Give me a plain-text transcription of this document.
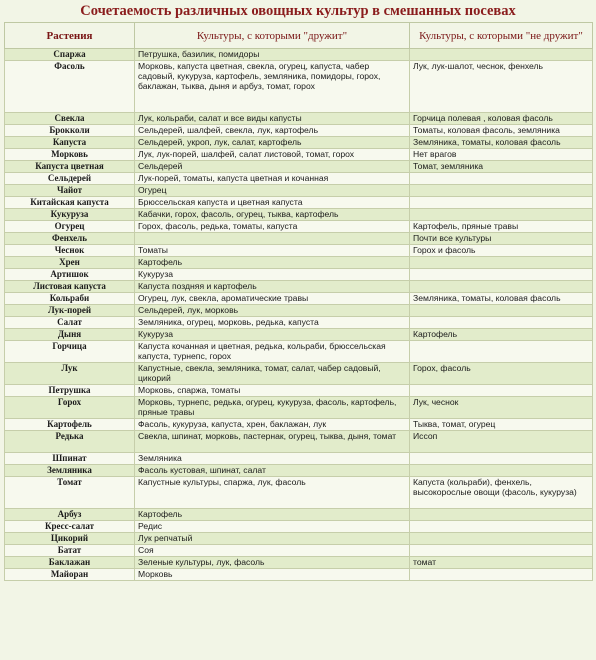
Сочетаемость различных овощных культур в смешанных посевах
Растения	Культуры, с которыми "дружит"	Культуры, с которыми "не дружит"
Спаржа	Петрушка, базилик, помидоры	
Фасоль	Морковь, капуста цветная, свекла, огурец, капуста, чабер садовый, кукуруза, картофель, земляника, помидоры, горох, баклажан, тыква, дыня и арбуз, томат, горох	Лук, лук-шалот, чеснок, фенхель
Свекла	Лук, кольраби, салат и все виды капусты	Горчица полевая , коловая фасоль
Брокколи	Сельдерей, шалфей, свекла, лук, картофель	Томаты, коловая фасоль, земляника
Капуста	Сельдерей, укроп, лук, салат, картофель	Земляника, томаты, коловая фасоль
Морковь	Лук, лук-порей, шалфей, салат листовой, томат, горох	Нет врагов
Капуста цветная	Сельдерей	Томат, земляника
Сельдерей	Лук-порей, томаты, капуста цветная и кочанная	
Чайот	Огурец	
Китайская капуста	Брюссельская капуста и цветная капуста	
Кукуруза	Кабачки, горох, фасоль, огурец, тыква, картофель	
Огурец	Горох, фасоль, редька, томаты, капуста	Картофель, пряные травы
Фенхель		Почти все культуры
Чеснок	Томаты	Горох и фасоль
Хрен	Картофель	
Артишок	Кукуруза	
Листовая капуста	Капуста поздняя и картофель	
Кольраби	Огурец, лук, свекла, ароматические травы	Земляника, томаты, коловая фасоль
Лук-порей	Сельдерей, лук, морковь	
Салат	Земляника, огурец, морковь, редька, капуста	
Дыня	Кукуруза	Картофель
Горчица	Капуста кочанная и цветная, редька, кольраби, брюссельская капуста, турнепс, горох	
Лук	Капустные, свекла, земляника, томат, салат, чабер садовый, цикорий	Горох, фасоль
Петрушка	Морковь, спаржа, томаты	
Горох	Морковь, турнепс, редька, огурец, кукуруза, фасоль, картофель, пряные травы	Лук, чеснок
Картофель	Фасоль, кукуруза, капуста, хрен, баклажан, лук	Тыква, томат, огурец
Редька	Свекла, шпинат, морковь, пастернак, огурец, тыква, дыня, томат	Иссоп
Шпинат	Земляника	
Земляника	Фасоль кустовая, шпинат, салат	
Томат	Капустные культуры, спаржа, лук, фасоль	Капуста (кольраби), фенхель, высокорослые овощи (фасоль, кукуруза)
Арбуз	Картофель	
Кресс-салат	Редис	
Цикорий	Лук репчатый	
Батат	Соя	
Баклажан	Зеленые культуры, лук, фасоль	томат
Майоран	Морковь	
